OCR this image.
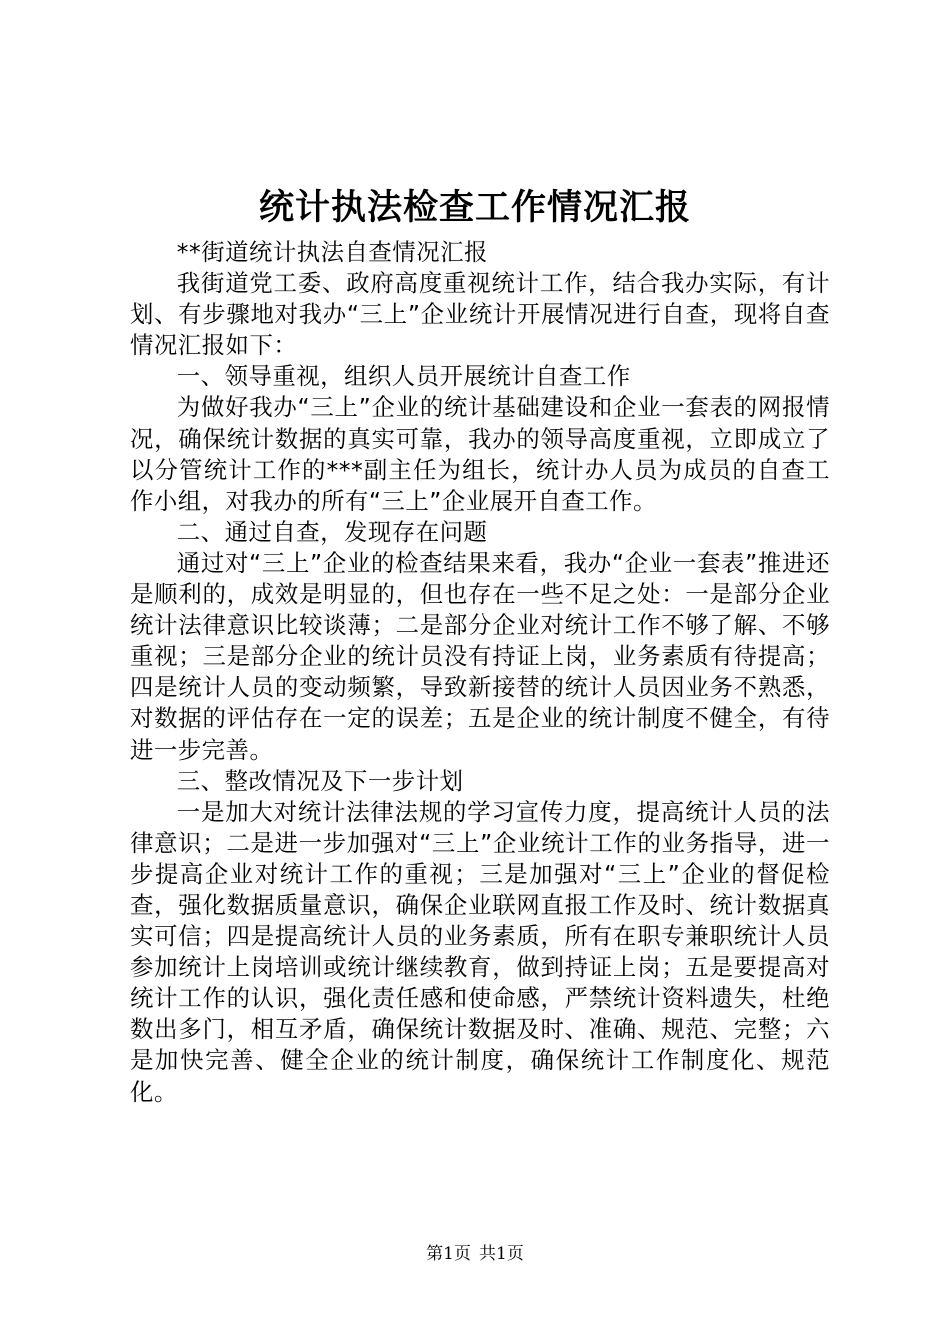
统计执法检查工作情况汇报

**街道统计执法自查情况汇报

我街道党工委、政府高度重视统计工作，结合我办实际，有计划、有步骤地对我办“三上”企业统计开展情况进行自查，现将自查情况汇报如下：

一、领导重视，组织人员开展统计自查工作

为做好我办“三上”企业的统计基础建设和企业一套表的网报情况，确保统计数据的真实可靠，我办的领导高度重视，立即成立了以分管统计工作的***副主任为组长，统计办人员为成员的自查工作小组，对我办的所有“三上”企业展开自查工作。

二、通过自查，发现存在问题

通过对“三上”企业的检查结果来看，我办“企业一套表”推进还是顺利的，成效是明显的，但也存在一些不足之处：一是部分企业统计法律意识比较谈薄；二是部分企业对统计工作不够了解、不够重视；三是部分企业的统计员没有持证上岗，业务素质有待提高；四是统计人员的变动频繁，导致新接替的统计人员因业务不熟悉，对数据的评估存在一定的误差；五是企业的统计制度不健全，有待进一步完善。

三、整改情况及下一步计划

一是加大对统计法律法规的学习宣传力度，提高统计人员的法律意识；二是进一步加强对“三上”企业统计工作的业务指导，进一步提高企业对统计工作的重视；三是加强对“三上”企业的督促检查，强化数据质量意识，确保企业联网直报工作及时、统计数据真实可信；四是提高统计人员的业务素质，所有在职专兼职统计人员参加统计上岗培训或统计继续教育，做到持证上岗；五是要提高对统计工作的认识，强化责任感和使命感，严禁统计资料遗失，杜绝数出多门，相互矛盾，确保统计数据及时、准确、规范、完整；六是加快完善、健全企业的统计制度，确保统计工作制度化、规范化。

第1页 共1页
